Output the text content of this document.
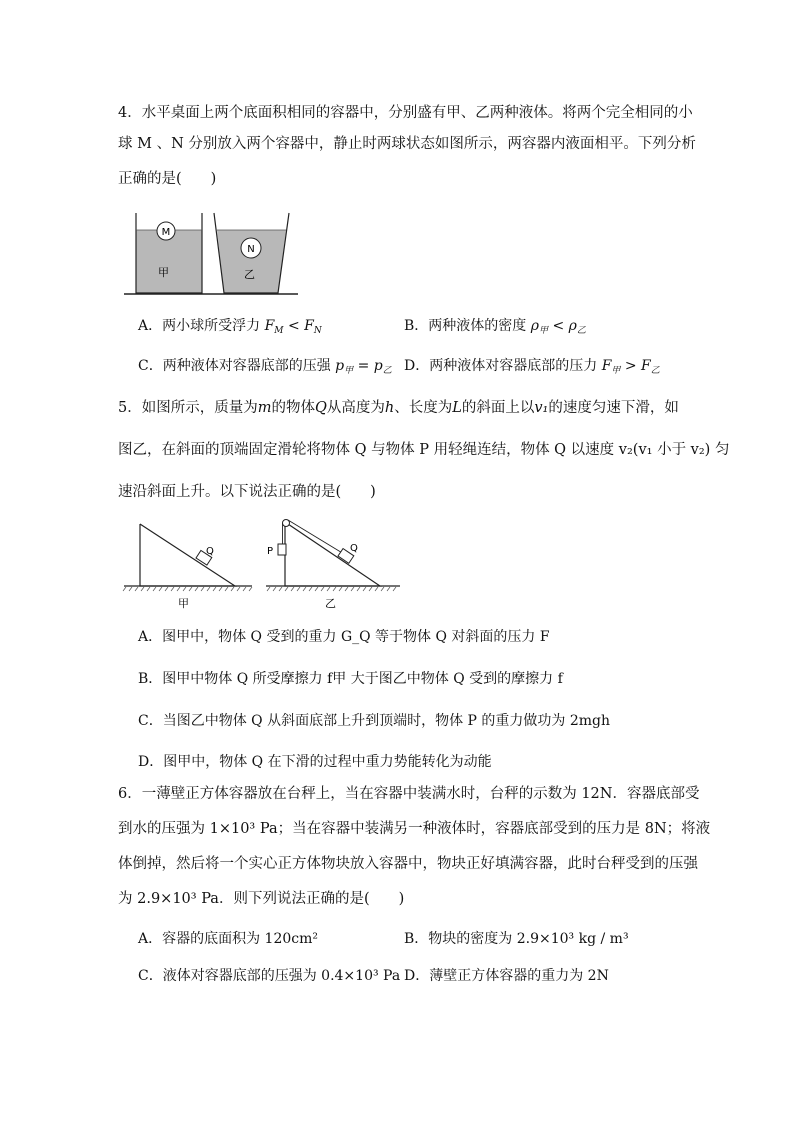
4．水平桌面上两个底面积相同的容器中，分别盛有甲、乙两种液体。将两个完全相同的小
球 M 、N 分别放入两个容器中，静止时两球状态如图所示，两容器内液面相平。下列分析
正确的是(　　)
M
甲
N
乙
A．两小球所受浮力 $F_M < F_N$	B．两种液体的密度 $\rho_甲 < \rho_乙$
C．两种液体对容器底部的压强 $p_甲 = p_乙$ D．两种液体对容器底部的压力 $F_甲 > F_乙$
5．如图所示，质量为m的物体Q从高度为h、长度为L的斜面上以v₁的速度匀速下滑，如
图乙，在斜面的顶端固定滑轮将物体 Q 与物体 P 用轻绳连结，物体 Q 以速度 v₂(v₁ 小于 v₂) 匀
速沿斜面上升。以下说法正确的是(　　)
Q
甲
P	Q
乙
A．图甲中，物体 Q 受到的重力 G_Q 等于物体 Q 对斜面的压力 F
B．图甲中物体 Q 所受摩擦力 f甲 大于图乙中物体 Q 受到的摩擦力 f
C．当图乙中物体 Q 从斜面底部上升到顶端时，物体 P 的重力做功为 2mgh
D．图甲中，物体 Q 在下滑的过程中重力势能转化为动能
6．一薄壁正方体容器放在台秤上，当在容器中装满水时，台秤的示数为 12N．容器底部受
到水的压强为 1×10³ Pa；当在容器中装满另一种液体时，容器底部受到的压力是 8N；将液
体倒掉，然后将一个实心正方体物块放入容器中，物块正好填满容器，此时台秤受到的压强
为 2.9×10³ Pa．则下列说法正确的是(　　)
A．容器的底面积为 120cm²	B．物块的密度为 2.9×10³ kg / m³
C．液体对容器底部的压强为 0.4×10³ Pa D．薄壁正方体容器的重力为 2N
